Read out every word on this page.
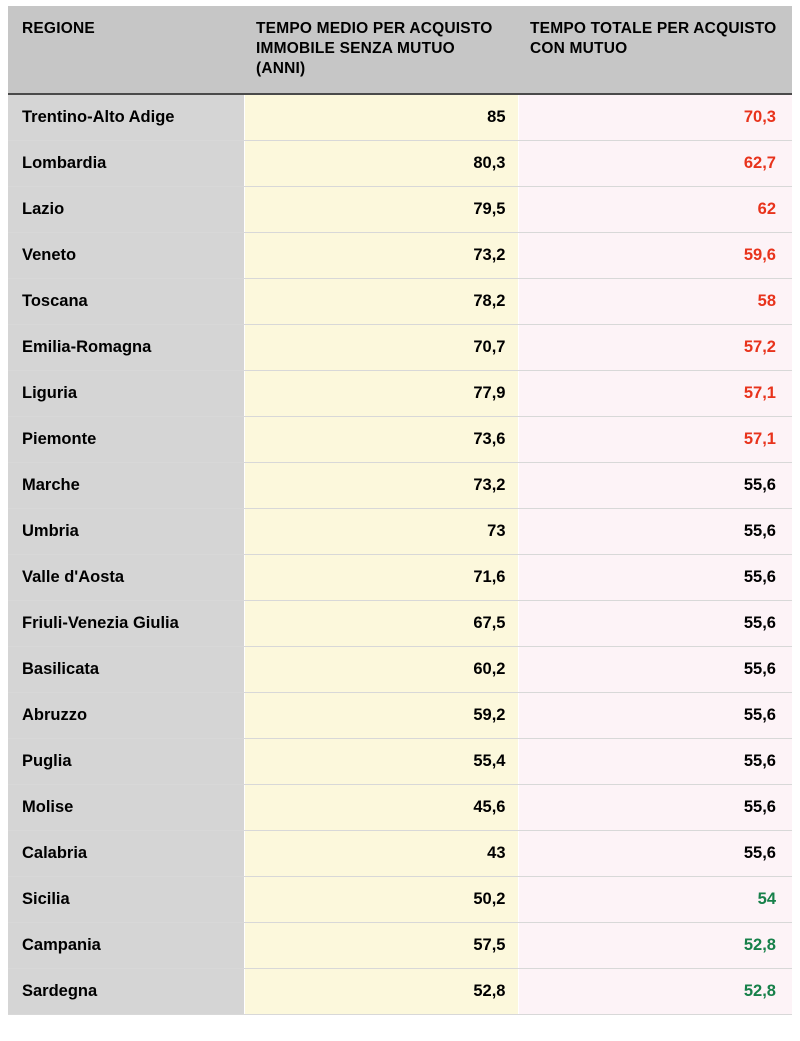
REGIONE	TEMPO MEDIO PER ACQUISTO IMMOBILE SENZA MUTUO (ANNI)	TEMPO TOTALE PER ACQUISTO CON MUTUO
Trentino-Alto Adige	85	70,3
Lombardia	80,3	62,7
Lazio	79,5	62
Veneto	73,2	59,6
Toscana	78,2	58
Emilia-Romagna	70,7	57,2
Liguria	77,9	57,1
Piemonte	73,6	57,1
Marche	73,2	55,6
Umbria	73	55,6
Valle d'Aosta	71,6	55,6
Friuli-Venezia Giulia	67,5	55,6
Basilicata	60,2	55,6
Abruzzo	59,2	55,6
Puglia	55,4	55,6
Molise	45,6	55,6
Calabria	43	55,6
Sicilia	50,2	54
Campania	57,5	52,8
Sardegna	52,8	52,8
